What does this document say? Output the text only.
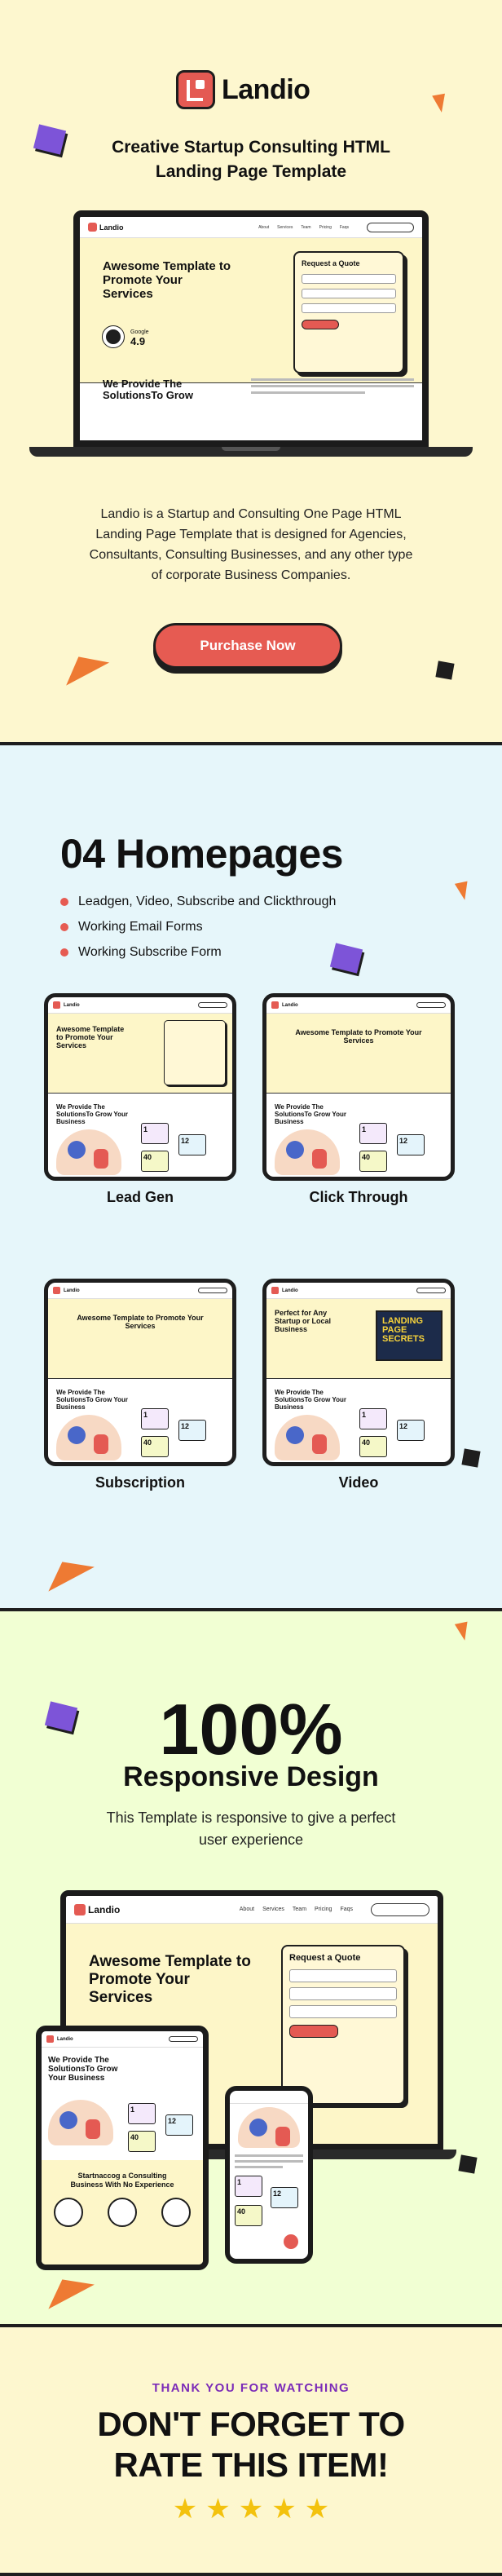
Landio
Creative Startup Consulting HTML
Landing Page Template
Landio	About Services Team Pricing Faqs
Awesome Template to Promote Your Services
Google
4.9
Request a Quote
We Provide The SolutionsTo Grow
Landio is a Startup and Consulting One Page HTML
Landing Page Template that is designed for Agencies,
Consultants, Consulting Businesses, and any other type
of corporate Business Companies.
Purchase Now
04 Homepages
Leadgen, Video, Subscribe and Clickthrough
Working Email Forms
Working Subscribe Form
Landio
Awesome Template to Promote Your Services
We Provide The SolutionsTo Grow Your Business
1
12
40
Lead Gen
Landio
Awesome Template to Promote Your Services
We Provide The SolutionsTo Grow Your Business
1
12
40
Click Through
Landio
Awesome Template to Promote Your Services
We Provide The SolutionsTo Grow Your Business
1
12
40
Subscription
Landio
Perfect for Any Startup or Local Business
LANDING PAGE SECRETS
We Provide The SolutionsTo Grow Your Business
1
12
40
Video
100%
Responsive Design
This Template is responsive to give a perfect
user experience
Landio	About Services Team Pricing Faqs
Awesome Template to Promote Your Services
Request a Quote
Landio
We Provide The SolutionsTo Grow Your Business
1
12
40
Startnaccog a Consulting Business With No Experience	1
12
40
THANK YOU FOR WATCHING
DON'T FORGET TO
RATE THIS ITEM!
★ ★ ★ ★ ★
